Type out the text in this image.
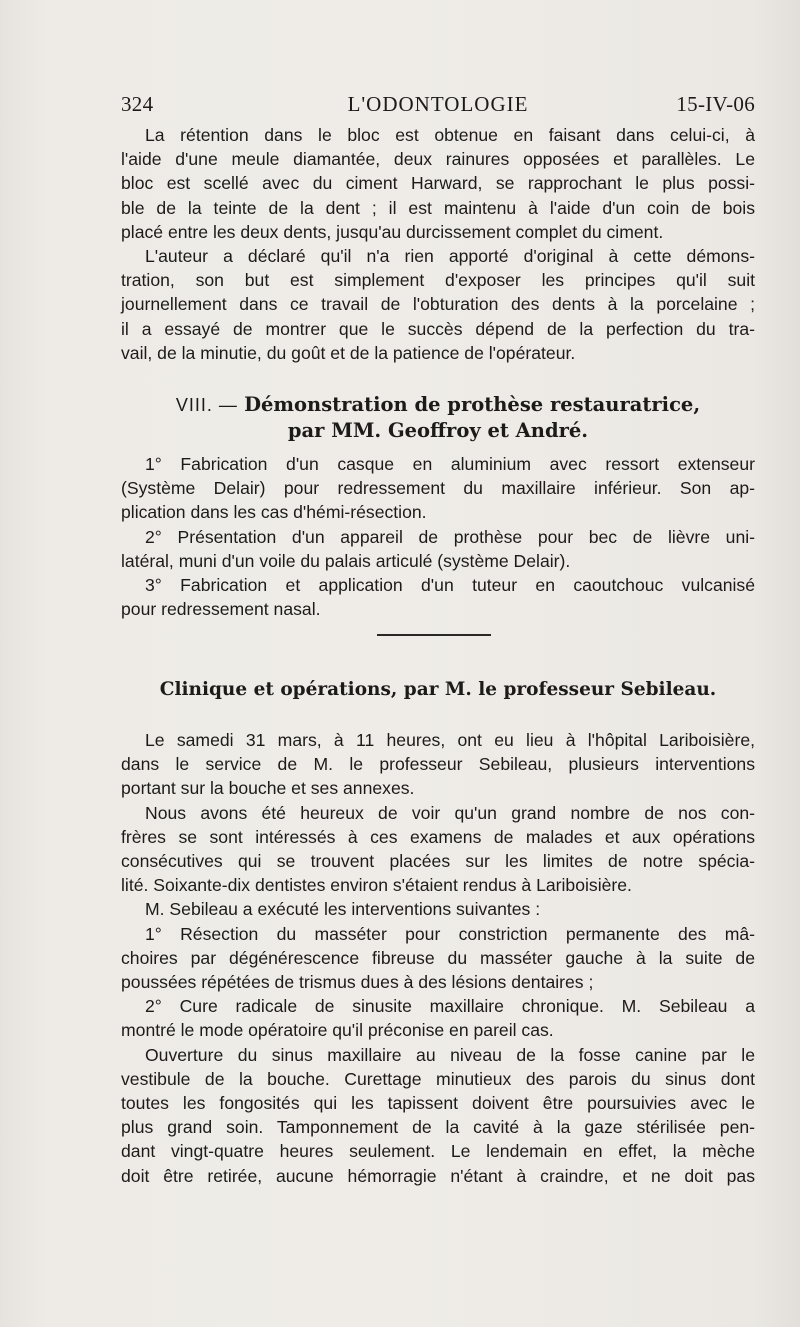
324	L'ODONTOLOGIE	15-IV-06

La rétention dans le bloc est obtenue en faisant dans celui-ci, à

l'aide d'une meule diamantée, deux rainures opposées et parallèles. Le

bloc est scellé avec du ciment Harward, se rapprochant le plus possi-

ble de la teinte de la dent ; il est maintenu à l'aide d'un coin de bois

placé entre les deux dents, jusqu'au durcissement complet du ciment.

L'auteur a déclaré qu'il n'a rien apporté d'original à cette démons-

tration, son but est simplement d'exposer les principes qu'il suit

journellement dans ce travail de l'obturation des dents à la porcelaine ;

il a essayé de montrer que le succès dépend de la perfection du tra-

vail, de la minutie, du goût et de la patience de l'opérateur.

VIII. — Démonstration de prothèse restauratrice,
par MM. Geoffroy et André.

1° Fabrication d'un casque en aluminium avec ressort extenseur

(Système Delair) pour redressement du maxillaire inférieur. Son ap-

plication dans les cas d'hémi-résection.

2° Présentation d'un appareil de prothèse pour bec de lièvre uni-

latéral, muni d'un voile du palais articulé (système Delair).

3° Fabrication et application d'un tuteur en caoutchouc vulcanisé

pour redressement nasal.

Clinique et opérations, par M. le professeur Sebileau.

Le samedi 31 mars, à 11 heures, ont eu lieu à l'hôpital Lariboisière,

dans le service de M. le professeur Sebileau, plusieurs interventions

portant sur la bouche et ses annexes.

Nous avons été heureux de voir qu'un grand nombre de nos con-

frères se sont intéressés à ces examens de malades et aux opérations

consécutives qui se trouvent placées sur les limites de notre spécia-

lité. Soixante-dix dentistes environ s'étaient rendus à Lariboisière.

M. Sebileau a exécuté les interventions suivantes :

1° Résection du masséter pour constriction permanente des mâ-

choires par dégénérescence fibreuse du masséter gauche à la suite de

poussées répétées de trismus dues à des lésions dentaires ;

2° Cure radicale de sinusite maxillaire chronique. M. Sebileau a

montré le mode opératoire qu'il préconise en pareil cas.

Ouverture du sinus maxillaire au niveau de la fosse canine par le

vestibule de la bouche. Curettage minutieux des parois du sinus dont

toutes les fongosités qui les tapissent doivent être poursuivies avec le

plus grand soin. Tamponnement de la cavité à la gaze stérilisée pen-

dant vingt-quatre heures seulement. Le lendemain en effet, la mèche

doit être retirée, aucune hémorragie n'étant à craindre, et ne doit pas
